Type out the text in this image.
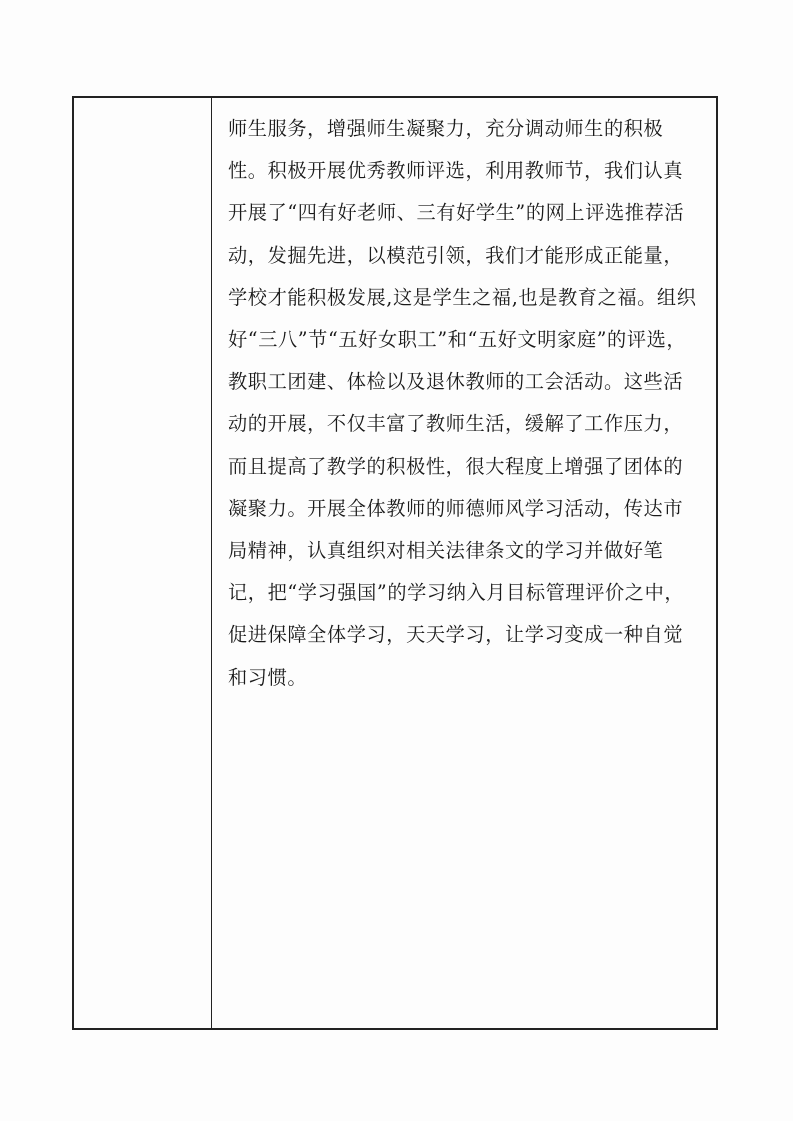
师生服务，增强师生凝聚力，充分调动师生的积极性。积极开展优秀教师评选，利用教师节，我们认真开展了“四有好老师、三有好学生”的网上评选推荐活动，发掘先进，以模范引领，我们才能形成正能量，学校才能积极发展,这是学生之福,也是教育之福。组织好“三八”节“五好女职工”和“五好文明家庭”的评选，教职工团建、体检以及退休教师的工会活动。这些活动的开展，不仅丰富了教师生活，缓解了工作压力，而且提高了教学的积极性，很大程度上增强了团体的凝聚力。开展全体教师的师德师风学习活动，传达市局精神，认真组织对相关法律条文的学习并做好笔记，把“学习强国”的学习纳入月目标管理评价之中，促进保障全体学习，天天学习，让学习变成一种自觉和习惯。
